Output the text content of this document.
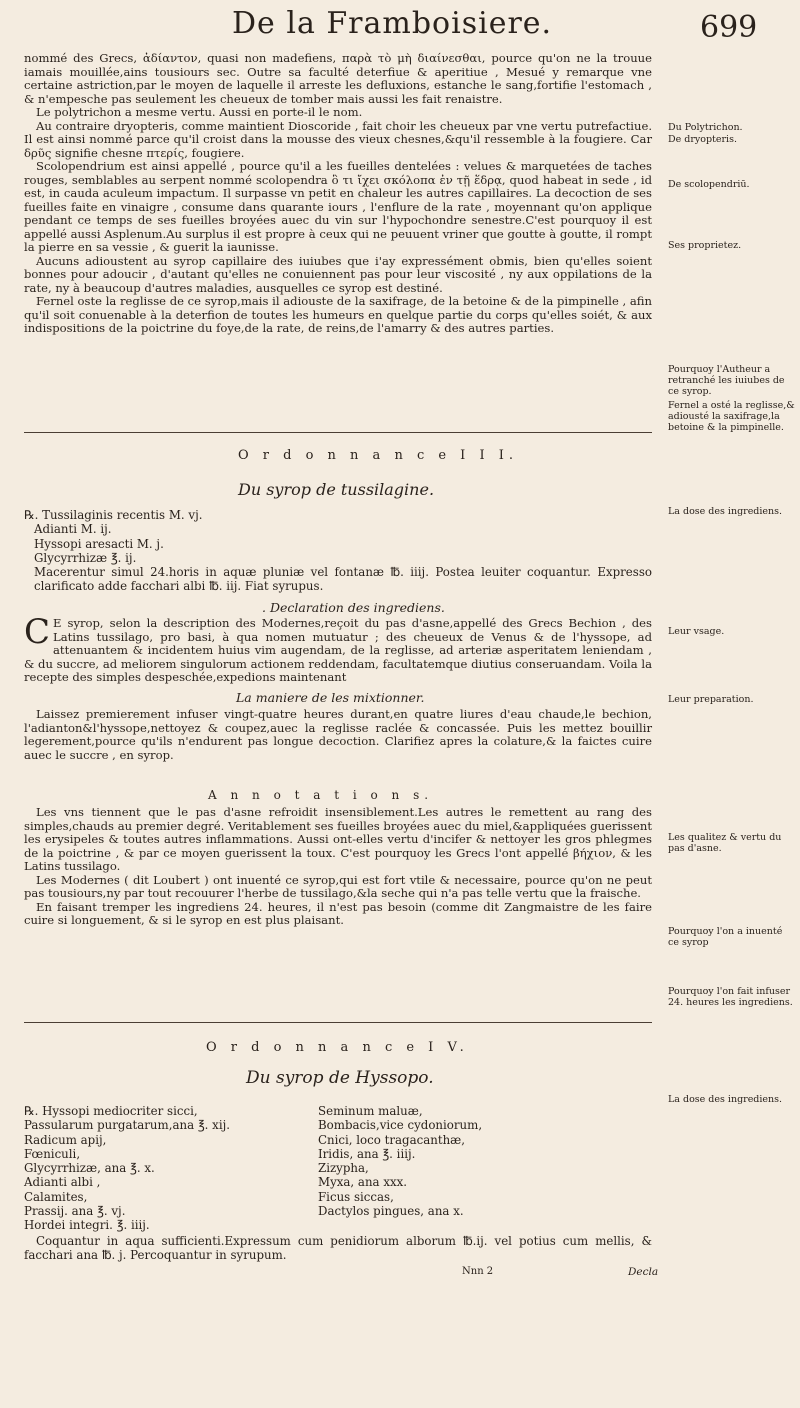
De la Framboisiere.	699

nommé des Grecs, ἀδίαντον, quasi non madefiens, παρὰ τὸ μὴ διαίνεσθαι, pource qu'on ne la trouue iamais mouillée,ains tousiours sec. Outre sa faculté deterfiue & aperitiue , Mesué y remarque vne certaine astriction,par le moyen de laquelle il arreste les defluxions, estanche le sang,fortifie l'estomach , & n'empesche pas seulement les cheueux de tomber mais aussi les fait renaistre.

Le polytrichon a mesme vertu. Aussi en porte-il le nom.

Au contraire dryopteris, comme maintient Dioscoride , fait choir les cheueux par vne vertu putrefactiue. Il est ainsi nommé parce qu'il croist dans la mousse des vieux chesnes,&qu'il ressemble à la fougiere. Car δρῦς signifie chesne πτερίς, fougiere.

Scolopendrium est ainsi appellé , pource qu'il a les fueilles dentelées : velues & marquetées de taches rouges, semblables au serpent nommé scolopendra ὃ τι ἴχει σκόλοπα ἐν τῇ ἕδρᾳ, quod habeat in sede , id est, in cauda aculeum impactum. Il surpasse vn petit en chaleur les autres capillaires. La decoction de ses fueilles faite en vinaigre , consume dans quarante iours , l'enflure de la rate , moyennant qu'on applique pendant ce temps de ses fueilles broyées auec du vin sur l'hypochondre senestre.C'est pourquoy il est appellé aussi Asplenum.Au surplus il est propre à ceux qui ne peuuent vriner que goutte à goutte, il rompt la pierre en sa vessie , & guerit la iaunisse.

Aucuns adioustent au syrop capillaire des iuiubes que i'ay expressément obmis, bien qu'elles soient bonnes pour adoucir , d'autant qu'elles ne conuiennent pas pour leur viscosité , ny aux oppilations de la rate, ny à beaucoup d'autres maladies, ausquelles ce syrop est destiné.

Fernel oste la reglisse de ce syrop,mais il adiouste de la saxifrage, de la betoine & de la pimpinelle , afin qu'il soit conuenable à la deterfion de toutes les humeurs en quelque partie du corps qu'elles soiét, & aux indispositions de la poictrine du foye,de la rate, de reins,de l'amarry & des autres parties.

O r d o n n a n c e I I I.
Du syrop de tussilagine.
℞. Tussilaginis recentis M. vj.
Adianti M. ij.
Hyssopi aresacti M. j.
Glycyrrhizæ ℥. ij.

Macerentur simul 24.horis in aquæ pluniæ vel fontanæ ℔. iiij. Postea leuiter coquantur. Expresso clarificato adde facchari albi ℔. iij. Fiat syrupus.

. Declaration des ingrediens.
C E syrop, selon la description des Modernes,reçoit du pas d'asne,appellé des Grecs Bechion , des Latins tussilago, pro basi, à qua nomen mutuatur ; des cheueux de Venus & de l'hyssope, ad attenuantem & incidentem huius vim augendam, de la reglisse, ad arteriæ asperitatem leniendam , & du succre, ad meliorem singulorum actionem reddendam, facultatemque diutius conseruandam. Voila la recepte des simples despeschée,expedions maintenant

La maniere de les mixtionner.

Laissez premierement infuser vingt-quatre heures durant,en quatre liures d'eau chaude,le bechion, l'adianton&l'hyssope,nettoyez & coupez,auec la reglisse raclée & concassée. Puis les mettez bouillir legerement,pource qu'ils n'endurent pas longue decoction. Clarifiez apres la colature,& la faictes cuire auec le succre , en syrop.

A n n o t a t i o n s.

Les vns tiennent que le pas d'asne refroidit insensiblement.Les autres le remettent au rang des simples,chauds au premier degré. Veritablement ses fueilles broyées auec du miel,&appliquées guerissent les erysipeles & toutes autres inflammations. Aussi ont-elles vertu d'incifer & nettoyer les gros phlegmes de la poictrine , & par ce moyen guerissent la toux. C'est pourquoy les Grecs l'ont appellé βήχιον, & les Latins tussilago.

Les Modernes ( dit Loubert ) ont inuenté ce syrop,qui est fort vtile & necessaire, pource qu'on ne peut pas tousiours,ny par tout recouurer l'herbe de tussilago,&la seche qui n'a pas telle vertu que la fraische.

En faisant tremper les ingrediens 24. heures, il n'est pas besoin (comme dit Zangmaistre de les faire cuire si longuement, & si le syrop en est plus plaisant.

O r d o n n a n c e I V.
Du syrop de Hyssopo.
℞. Hyssopi mediocriter sicci,
Passularum purgatarum,ana ℥. xij.
Radicum apij,
Fœniculi,
Glycyrrhizæ, ana ℥. x.
Adianti albi ,
Calamites,
Prassij. ana ℥. vj.
Hordei integri. ℥. iiij.
Seminum maluæ,
Bombacis,vice cydoniorum,
Cnici, loco tragacanthæ,
Iridis, ana ℥. iiij.
Zizypha,
Myxa, ana xxx.
Ficus siccas,
Dactylos pingues, ana x.

Coquantur in aqua sufficienti.Expressum cum penidiorum alborum ℔.ij. vel potius cum mellis, & facchari ana ℔. j. Percoquantur in syrupum.

Nnn 2	Decla
Du Polytrichon.
De dryopteris.
De scolopendriū.
Ses proprietez.
Pourquoy l'Autheur a retranché les iuiubes de ce syrop.
Fernel a osté la reglisse,& adiousté la saxifrage,la betoine & la pimpinelle.
La dose des ingrediens.
Leur vsage.
Leur preparation.
Les qualitez & vertu du pas d'asne.
Pourquoy l'on a inuenté ce syrop
Pourquoy l'on fait infuser 24. heures les ingrediens.
La dose des ingrediens.
